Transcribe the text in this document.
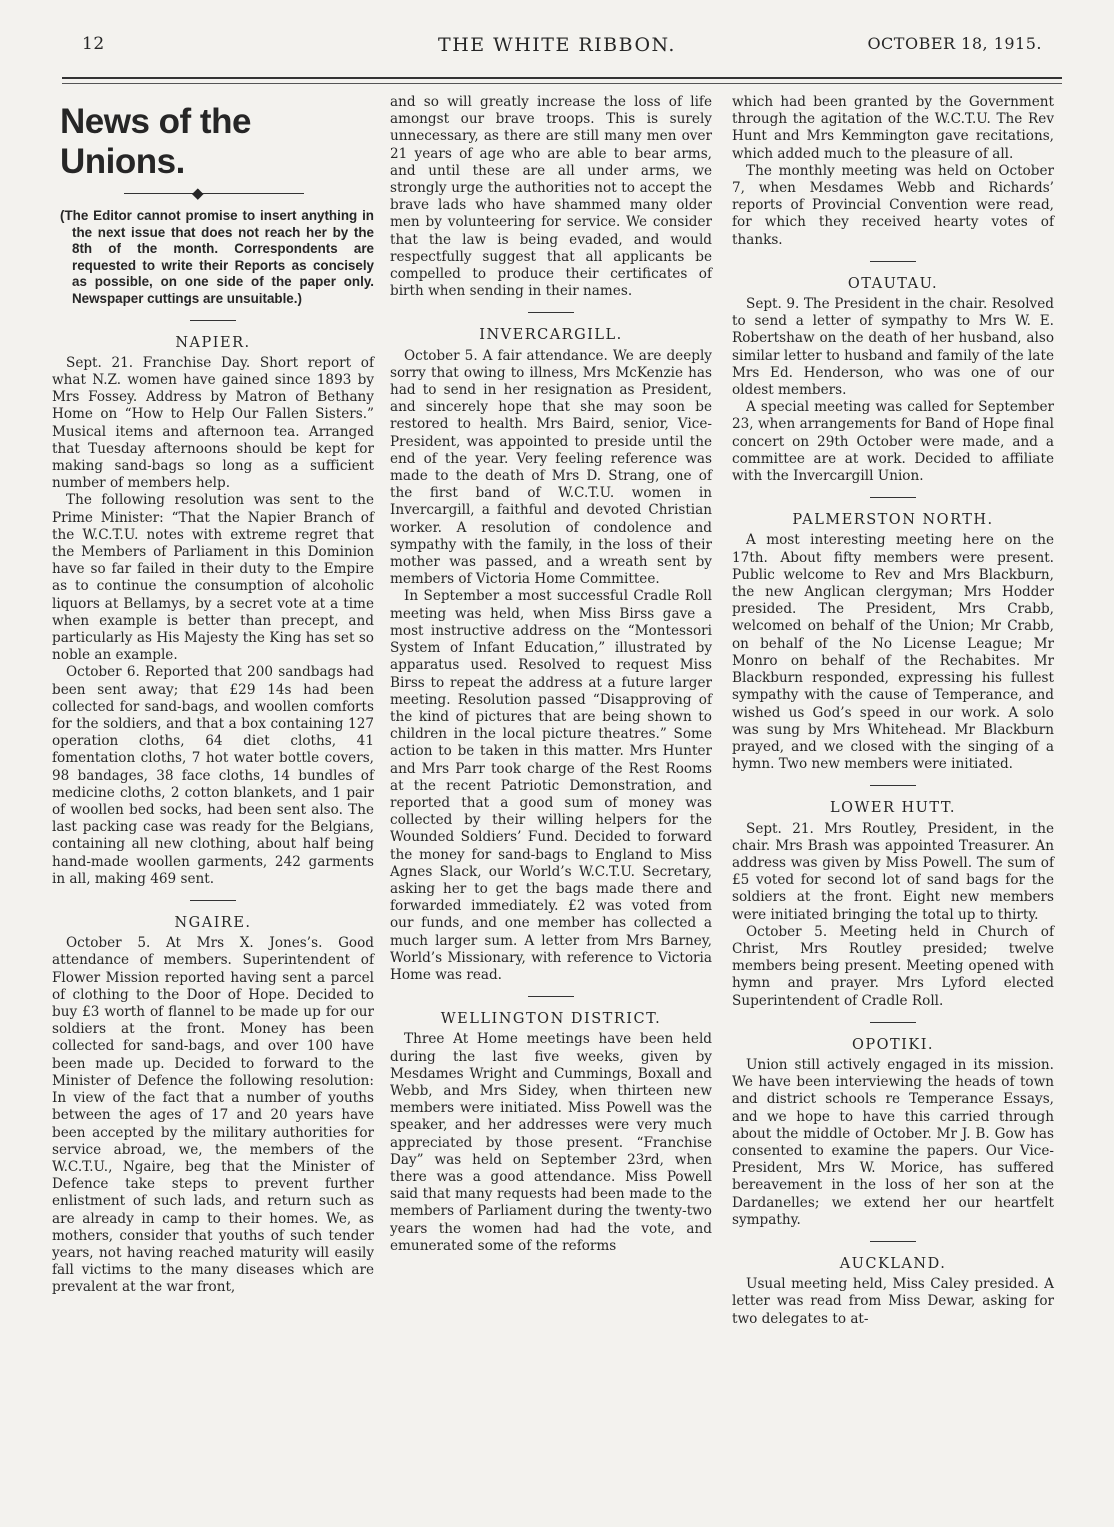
12	THE WHITE RIBBON.	OCTOBER 18, 1915.
News of the Unions.
◆
(The Editor cannot promise to insert anything in the next issue that does not reach her by the 8th of the month. Correspondents are requested to write their Reports as concisely as possible, on one side of the paper only. Newspaper cuttings are unsuitable.)
NAPIER.

Sept. 21. Franchise Day. Short report of what N.Z. women have gained since 1893 by Mrs Fossey. Address by Matron of Bethany Home on “How to Help Our Fallen Sisters.” Musical items and afternoon tea. Arranged that Tuesday afternoons should be kept for making sand-bags so long as a sufficient number of members help.

The following resolution was sent to the Prime Minister: “That the Napier Branch of the W.C.T.U. notes with extreme regret that the Members of Parliament in this Dominion have so far failed in their duty to the Empire as to continue the consumption of alcoholic liquors at Bellamys, by a secret vote at a time when example is better than precept, and particularly as His Majesty the King has set so noble an example.

October 6. Reported that 200 sandbags had been sent away; that £29 14s had been collected for sand-bags, and woollen comforts for the soldiers, and that a box containing 127 operation cloths, 64 diet cloths, 41 fomentation cloths, 7 hot water bottle covers, 98 bandages, 38 face cloths, 14 bundles of medicine cloths, 2 cotton blankets, and 1 pair of woollen bed socks, had been sent also. The last packing case was ready for the Belgians, containing all new clothing, about half being hand-made woollen garments, 242 garments in all, making 469 sent.

NGAIRE.

October 5. At Mrs X. Jones’s. Good attendance of members. Superintendent of Flower Mission reported having sent a parcel of clothing to the Door of Hope. Decided to buy £3 worth of flannel to be made up for our soldiers at the front. Money has been collected for sand-bags, and over 100 have been made up. Decided to forward to the Minister of Defence the following resolution: In view of the fact that a number of youths between the ages of 17 and 20 years have been accepted by the military authorities for service abroad, we, the members of the W.C.T.U., Ngaire, beg that the Minister of Defence take steps to prevent further enlistment of such lads, and return such as are already in camp to their homes. We, as mothers, consider that youths of such tender years, not having reached maturity will easily fall victims to the many diseases which are prevalent at the war front,

and so will greatly increase the loss of life amongst our brave troops. This is surely unnecessary, as there are still many men over 21 years of age who are able to bear arms, and until these are all under arms, we strongly urge the authorities not to accept the brave lads who have shammed many older men by volunteering for service. We consider that the law is being evaded, and would respectfully suggest that all applicants be compelled to produce their certificates of birth when sending in their names.

INVERCARGILL.

October 5. A fair attendance. We are deeply sorry that owing to illness, Mrs McKenzie has had to send in her resignation as President, and sincerely hope that she may soon be restored to health. Mrs Baird, senior, Vice-President, was appointed to preside until the end of the year. Very feeling reference was made to the death of Mrs D. Strang, one of the first band of W.C.T.U. women in Invercargill, a faithful and devoted Christian worker. A resolution of condolence and sympathy with the family, in the loss of their mother was passed, and a wreath sent by members of Victoria Home Committee.

In September a most successful Cradle Roll meeting was held, when Miss Birss gave a most instructive address on the “Montessori System of Infant Education,” illustrated by apparatus used. Resolved to request Miss Birss to repeat the address at a future larger meeting. Resolution passed “Disapproving of the kind of pictures that are being shown to children in the local picture theatres.” Some action to be taken in this matter. Mrs Hunter and Mrs Parr took charge of the Rest Rooms at the recent Patriotic Demonstration, and reported that a good sum of money was collected by their willing helpers for the Wounded Soldiers’ Fund. Decided to forward the money for sand-bags to England to Miss Agnes Slack, our World’s W.C.T.U. Secretary, asking her to get the bags made there and forwarded immediately. £2 was voted from our funds, and one member has collected a much larger sum. A letter from Mrs Barney, World’s Missionary, with reference to Victoria Home was read.

WELLINGTON DISTRICT.

Three At Home meetings have been held during the last five weeks, given by Mesdames Wright and Cummings, Boxall and Webb, and Mrs Sidey, when thirteen new members were initiated. Miss Powell was the speaker, and her addresses were very much appreciated by those present. “Franchise Day” was held on September 23rd, when there was a good attendance. Miss Powell said that many requests had been made to the members of Parliament during the twenty-two years the women had had the vote, and emunerated some of the reforms

which had been granted by the Government through the agitation of the W.C.T.U. The Rev Hunt and Mrs Kemmington gave recitations, which added much to the pleasure of all.

The monthly meeting was held on October 7, when Mesdames Webb and Richards’ reports of Provincial Convention were read, for which they received hearty votes of thanks.

OTAUTAU.

Sept. 9. The President in the chair. Resolved to send a letter of sympathy to Mrs W. E. Robertshaw on the death of her husband, also similar letter to husband and family of the late Mrs Ed. Henderson, who was one of our oldest members.

A special meeting was called for September 23, when arrangements for Band of Hope final concert on 29th October were made, and a committee are at work. Decided to affiliate with the Invercargill Union.

PALMERSTON NORTH.

A most interesting meeting here on the 17th. About fifty members were present. Public welcome to Rev and Mrs Blackburn, the new Anglican clergyman; Mrs Hodder presided. The President, Mrs Crabb, welcomed on behalf of the Union; Mr Crabb, on behalf of the No License League; Mr Monro on behalf of the Rechabites. Mr Blackburn responded, expressing his fullest sympathy with the cause of Temperance, and wished us God’s speed in our work. A solo was sung by Mrs Whitehead. Mr Blackburn prayed, and we closed with the singing of a hymn. Two new members were initiated.

LOWER HUTT.

Sept. 21. Mrs Routley, President, in the chair. Mrs Brash was appointed Treasurer. An address was given by Miss Powell. The sum of £5 voted for second lot of sand bags for the soldiers at the front. Eight new members were initiated bringing the total up to thirty.

October 5. Meeting held in Church of Christ, Mrs Routley presided; twelve members being present. Meeting opened with hymn and prayer. Mrs Lyford elected Superintendent of Cradle Roll.

OPOTIKI.

Union still actively engaged in its mission. We have been interviewing the heads of town and district schools re Temperance Essays, and we hope to have this carried through about the middle of October. Mr J. B. Gow has consented to examine the papers. Our Vice-President, Mrs W. Morice, has suffered bereavement in the loss of her son at the Dardanelles; we extend her our heartfelt sympathy.

AUCKLAND.

Usual meeting held, Miss Caley presided. A letter was read from Miss Dewar, asking for two delegates to at-
